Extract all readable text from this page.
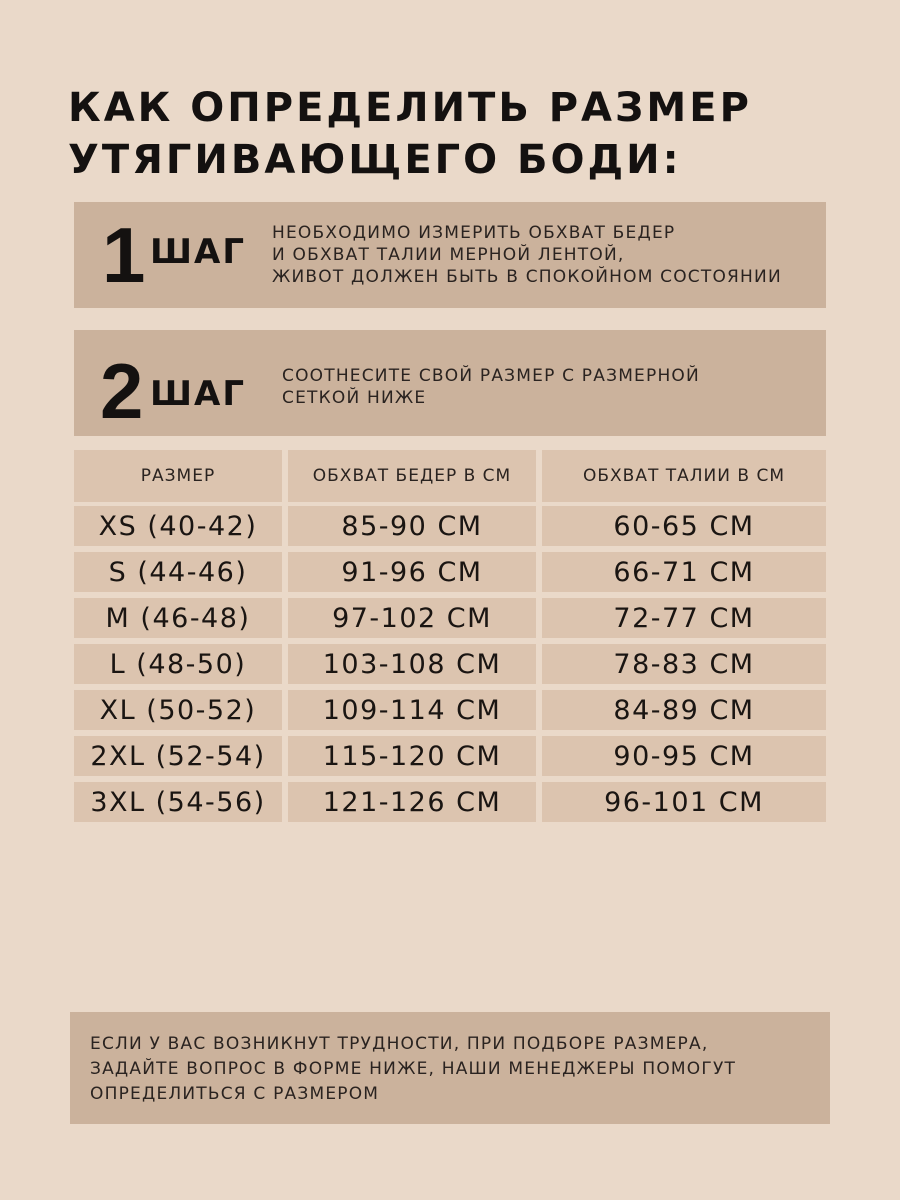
КАК ОПРЕДЕЛИТЬ РАЗМЕР
УТЯГИВАЮЩЕГО БОДИ:
1 ШАГ НЕОБХОДИМО ИЗМЕРИТЬ ОБХВАТ БЕДЕР
И ОБХВАТ ТАЛИИ МЕРНОЙ ЛЕНТОЙ,
ЖИВОТ ДОЛЖЕН БЫТЬ В СПОКОЙНОМ СОСТОЯНИИ
2 ШАГ СООТНЕСИТЕ СВОЙ РАЗМЕР С РАЗМЕРНОЙ
СЕТКОЙ НИЖЕ
РАЗМЕР	ОБХВАТ БЕДЕР В СМ	ОБХВАТ ТАЛИИ В СМ
XS (40-42)	85-90 СМ	60-65 СМ
S (44-46)	91-96 СМ	66-71 СМ
M (46-48)	97-102 СМ	72-77 СМ
L (48-50)	103-108 СМ	78-83 СМ
XL (50-52)	109-114 СМ	84-89 СМ
2XL (52-54)	115-120 СМ	90-95 СМ
3XL (54-56)	121-126 СМ	96-101 СМ
ЕСЛИ У ВАС ВОЗНИКНУТ ТРУДНОСТИ, ПРИ ПОДБОРЕ РАЗМЕРА,
ЗАДАЙТЕ ВОПРОС В ФОРМЕ НИЖЕ, НАШИ МЕНЕДЖЕРЫ ПОМОГУТ
ОПРЕДЕЛИТЬСЯ С РАЗМЕРОМ
